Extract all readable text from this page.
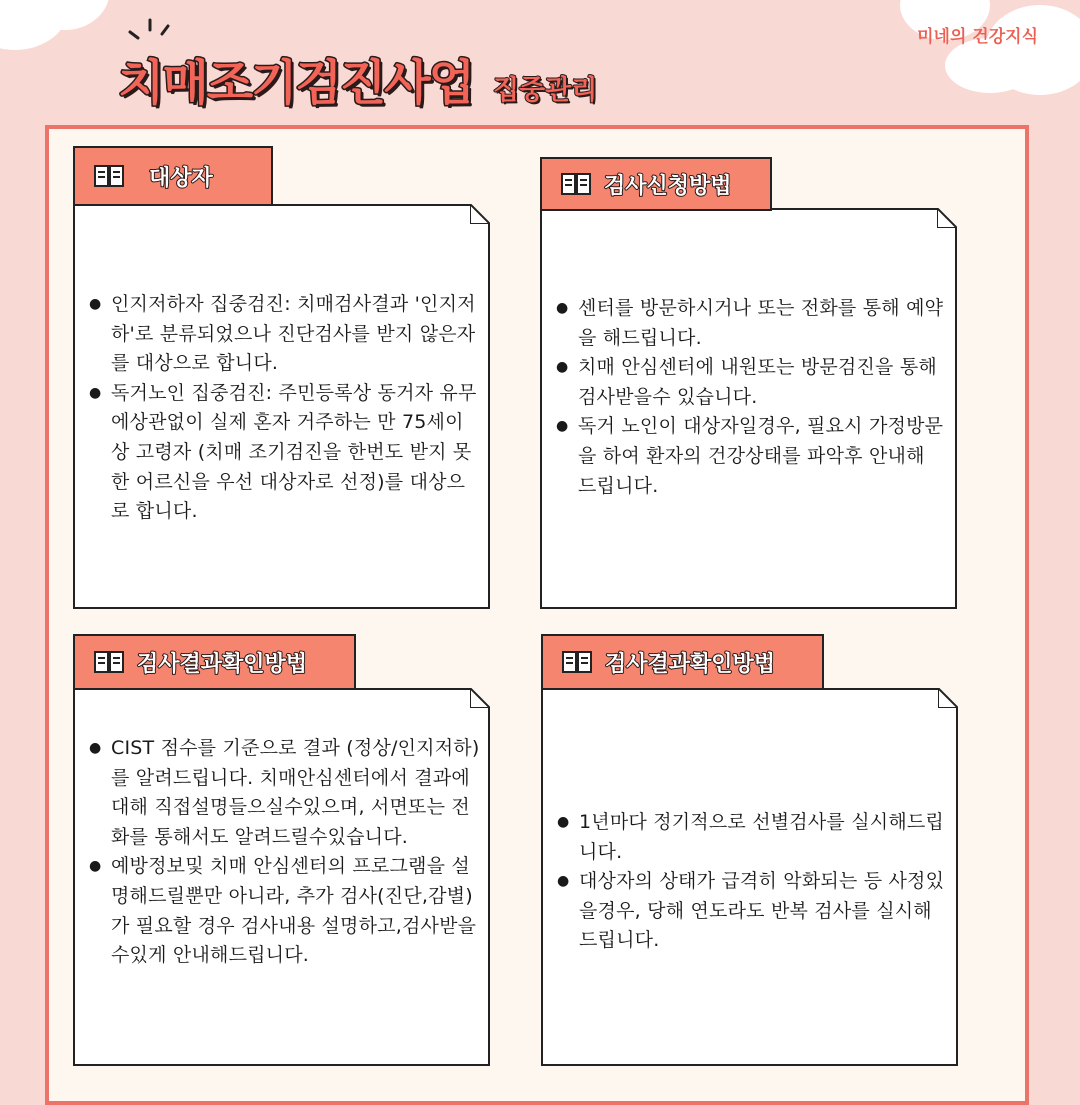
미네의 건강지식
치매조기검진사업 집중관리
● 인지저하자 집중검진: 치매검사결과 '인지저하'로 분류되었으나 진단검사를 받지 않은자를 대상으로 합니다.
● 독거노인 집중검진: 주민등록상 동거자 유무에상관없이 실제 혼자 거주하는 만 75세이상 고령자 (치매 조기검진을 한번도 받지 못한 어르신을 우선 대상자로 선정)를 대상으로 합니다.
대상자
● 센터를 방문하시거나 또는 전화를 통해 예약을 해드립니다.
● 치매 안심센터에 내원또는 방문검진을 통해 검사받을수 있습니다.
● 독거 노인이 대상자일경우, 필요시 가정방문을 하여 환자의 건강상태를 파악후 안내해 드립니다.
검사신청방법
● CIST 점수를 기준으로 결과 (정상/인지저하)를 알려드립니다. 치매안심센터에서 결과에 대해 직접설명들으실수있으며, 서면또는 전화를 통해서도 알려드릴수있습니다.
● 예방정보및 치매 안심센터의 프로그램을 설명해드릴뿐만 아니라, 추가 검사(진단,감별)가 필요할 경우 검사내용 설명하고,검사받을수있게 안내해드립니다.
검사결과확인방법
● 1년마다 정기적으로 선별검사를 실시해드립니다.
● 대상자의 상태가 급격히 악화되는 등 사정있을경우, 당해 연도라도 반복 검사를 실시해 드립니다.
검사결과확인방법
